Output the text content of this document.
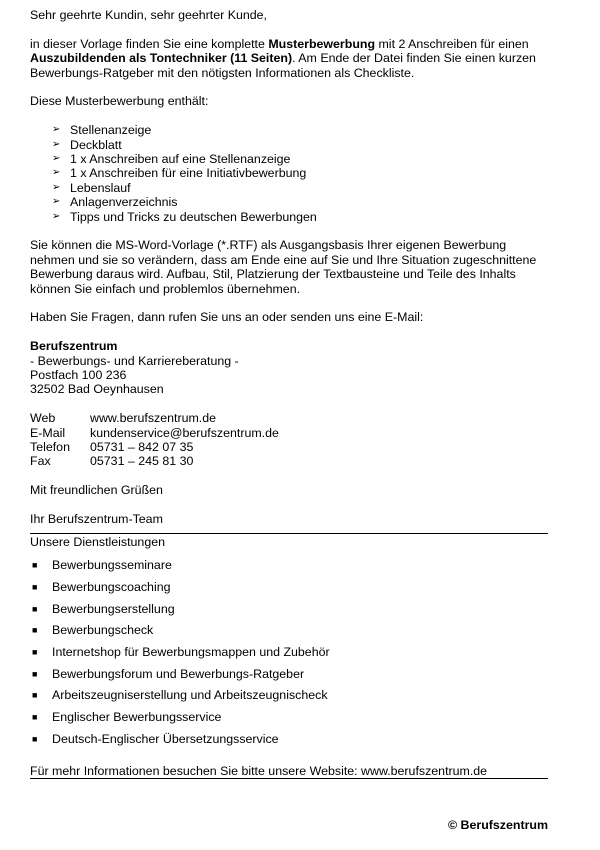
Sehr geehrte Kundin, sehr geehrter Kunde,

in dieser Vorlage finden Sie eine komplette Musterbewerbung mit 2 Anschreiben für einen Auszubildenden als Tontechniker (11 Seiten). Am Ende der Datei finden Sie einen kurzen Bewerbungs-Ratgeber mit den nötigsten Informationen als Checkliste.

Diese Musterbewerbung enthält:

➢ Stellenanzeige
➢ Deckblatt
➢ 1 x Anschreiben auf eine Stellenanzeige
➢ 1 x Anschreiben für eine Initiativbewerbung
➢ Lebenslauf
➢ Anlagenverzeichnis
➢ Tipps und Tricks zu deutschen Bewerbungen

Sie können die MS-Word-Vorlage (*.RTF) als Ausgangsbasis Ihrer eigenen Bewerbung nehmen und sie so verändern, dass am Ende eine auf Sie und Ihre Situation zugeschnittene Bewerbung daraus wird. Aufbau, Stil, Platzierung der Textbausteine und Teile des Inhalts können Sie einfach und problemlos übernehmen.

Haben Sie Fragen, dann rufen Sie uns an oder senden uns eine E-Mail:

Berufszentrum

- Bewerbungs- und Karriereberatung -

Postfach 100 236

32502 Bad Oeynhausen

Web	www.berufszentrum.de
E-Mail	kundenservice@berufszentrum.de
Telefon	05731 – 842 07 35
Fax	05731 – 245 81 30

Mit freundlichen Grüßen

Ihr Berufszentrum-Team

Unsere Dienstleistungen

■	Bewerbungsseminare
■	Bewerbungscoaching
■	Bewerbungserstellung
■	Bewerbungscheck
■	Internetshop für Bewerbungsmappen und Zubehör
■	Bewerbungsforum und Bewerbungs-Ratgeber
■	Arbeitszeugniserstellung und Arbeitszeugnischeck
■	Englischer Bewerbungsservice
■	Deutsch-Englischer Übersetzungsservice

Für mehr Informationen besuchen Sie bitte unsere Website: www.berufszentrum.de

© Berufszentrum
